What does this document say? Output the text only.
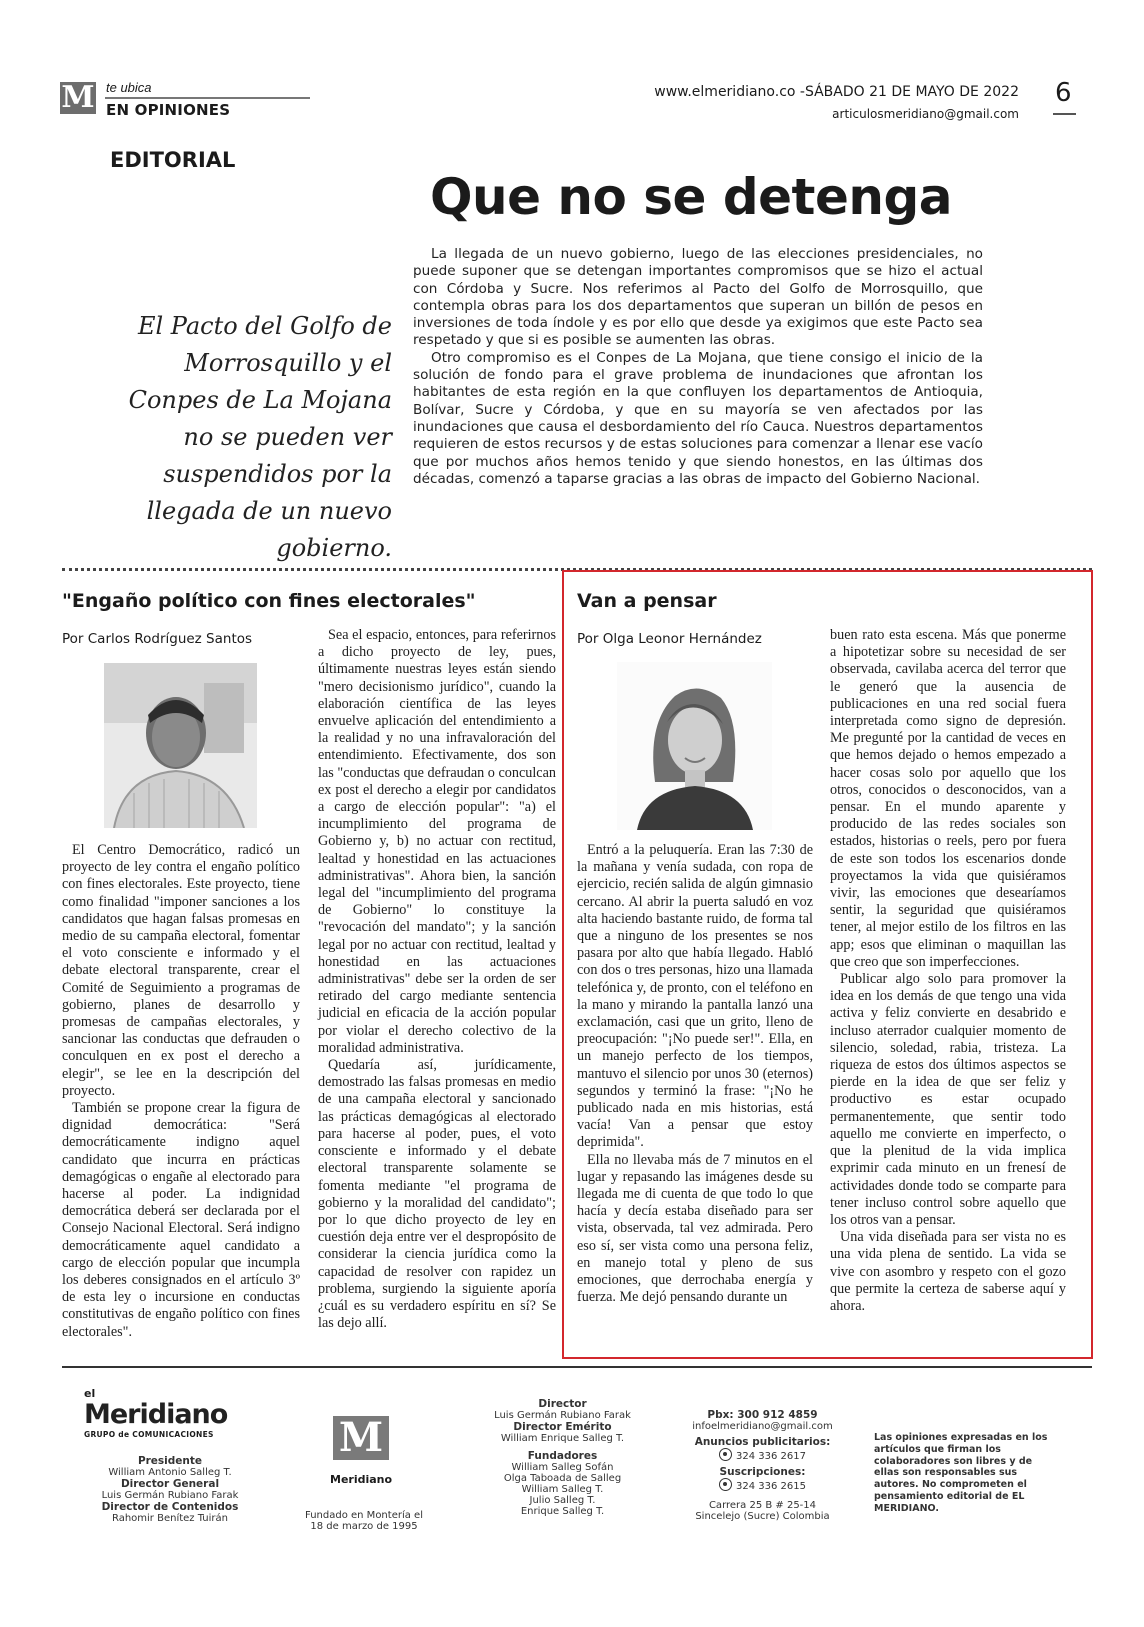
M te ubica
EN OPINIONES
www.elmeridiano.co -SÁBADO 21 DE MAYO DE 2022
articulosmeridiano@gmail.com
6
EDITORIAL
Que no se detenga
El Pacto del Golfo de Morrosquillo y el Conpes de La Mojana no se pueden ver suspendidos por la llegada de un nuevo gobierno.

La llegada de un nuevo gobierno, luego de las elecciones presidenciales, no puede suponer que se detengan importantes compromisos que se hizo el actual con Córdoba y Sucre. Nos referimos al Pacto del Golfo de Morrosquillo, que contempla obras para los dos departamentos que superan un billón de pesos en inversiones de toda índole y es por ello que desde ya exigimos que este Pacto sea respetado y que si es posible se aumenten las obras.

Otro compromiso es el Conpes de La Mojana, que tiene consigo el inicio de la solución de fondo para el grave problema de inundaciones que afrontan los habitantes de esta región en la que confluyen los departamentos de Antioquia, Bolívar, Sucre y Córdoba, y que en su mayoría se ven afectados por las inundaciones que causa el desbordamiento del río Cauca. Nuestros departamentos requieren de estos recursos y de estas soluciones para comenzar a llenar ese vacío que por muchos años hemos tenido y que siendo honestos, en las últimas dos décadas, comenzó a taparse gracias a las obras de impacto del Gobierno Nacional.

"Engaño político con fines electorales"
Por Carlos Rodríguez Santos

El Centro Democrático, radicó un proyecto de ley contra el engaño político con fines electorales. Este proyecto, tiene como finalidad "imponer sanciones a los candidatos que hagan falsas promesas en medio de su campaña electoral, fomentar el voto consciente e informado y el debate electoral transparente, crear el Comité de Seguimiento a programas de gobierno, planes de desarrollo y promesas de campañas electorales, y sancionar las conductas que defrauden o conculquen en ex post el derecho a elegir", se lee en la descripción del proyecto.

También se propone crear la figura de dignidad democrática: "Será democráticamente indigno aquel candidato que incurra en prácticas demagógicas o engañe al electorado para hacerse al poder. La indignidad democrática deberá ser declarada por el Consejo Nacional Electoral. Será indigno democráticamente aquel candidato a cargo de elección popular que incumpla los deberes consignados en el artículo 3º de esta ley o incursione en conductas constitutivas de engaño político con fines electorales".

Sea el espacio, entonces, para referirnos a dicho proyecto de ley, pues, últimamente nuestras leyes están siendo "mero decisionismo jurídico", cuando la elaboración científica de las leyes envuelve aplicación del entendimiento a la realidad y no una infravaloración del entendimiento. Efectivamente, dos son las "conductas que defraudan o conculcan ex post el derecho a elegir por candidatos a cargo de elección popular": "a) el incumplimiento del programa de Gobierno y, b) no actuar con rectitud, lealtad y honestidad en las actuaciones administrativas". Ahora bien, la sanción legal del "incumplimiento del programa de Gobierno" lo constituye la "revocación del mandato"; y la sanción legal por no actuar con rectitud, lealtad y honestidad en las actuaciones administrativas" debe ser la orden de ser retirado del cargo mediante sentencia judicial en eficacia de la acción popular por violar el derecho colectivo de la moralidad administrativa.

Quedaría así, jurídicamente, demostrado las falsas promesas en medio de una campaña electoral y sancionado las prácticas demagógicas al electorado para hacerse al poder, pues, el voto consciente e informado y el debate electoral transparente solamente se fomenta mediante "el programa de gobierno y la moralidad del candidato"; por lo que dicho proyecto de ley en cuestión deja entre ver el despropósito de considerar la ciencia jurídica como la capacidad de resolver con rapidez un problema, surgiendo la siguiente aporía ¿cuál es su verdadero espíritu en sí? Se las dejo allí.

Van a pensar
Por Olga Leonor Hernández

Entró a la peluquería. Eran las 7:30 de la mañana y venía sudada, con ropa de ejercicio, recién salida de algún gimnasio cercano. Al abrir la puerta saludó en voz alta haciendo bastante ruido, de forma tal que a ninguno de los presentes se nos pasara por alto que había llegado. Habló con dos o tres personas, hizo una llamada telefónica y, de pronto, con el teléfono en la mano y mirando la pantalla lanzó una exclamación, casi que un grito, lleno de preocupación: "¡No puede ser!". Ella, en un manejo perfecto de los tiempos, mantuvo el silencio por unos 30 (eternos) segundos y terminó la frase: "¡No he publicado nada en mis historias, está vacía! Van a pensar que estoy deprimida".

Ella no llevaba más de 7 minutos en el lugar y repasando las imágenes desde su llegada me di cuenta de que todo lo que hacía y decía estaba diseñado para ser vista, observada, tal vez admirada. Pero eso sí, ser vista como una persona feliz, en manejo total y pleno de sus emociones, que derrochaba energía y fuerza. Me dejó pensando durante un

buen rato esta escena. Más que ponerme a hipotetizar sobre su necesidad de ser observada, cavilaba acerca del terror que le generó que la ausencia de publicaciones en una red social fuera interpretada como signo de depresión. Me pregunté por la cantidad de veces en que hemos dejado o hemos empezado a hacer cosas solo por aquello que los otros, conocidos o desconocidos, van a pensar. En el mundo aparente y producido de las redes sociales son estados, historias o reels, pero por fuera de este son todos los escenarios donde proyectamos la vida que quisiéramos vivir, las emociones que desearíamos sentir, la seguridad que quisiéramos tener, al mejor estilo de los filtros en las app; esos que eliminan o maquillan las que creo que son imperfecciones.

Publicar algo solo para promover la idea en los demás de que tengo una vida activa y feliz convierte en desabrido e incluso aterrador cualquier momento de silencio, soledad, rabia, tristeza. La riqueza de estos dos últimos aspectos se pierde en la idea de que ser feliz y productivo es estar ocupado permanentemente, que sentir todo aquello me convierte en imperfecto, o que la plenitud de la vida implica exprimir cada minuto en un frenesí de actividades donde todo se comparte para tener incluso control sobre aquello que los otros van a pensar.

Una vida diseñada para ser vista no es una vida plena de sentido. La vida se vive con asombro y respeto con el gozo que permite la certeza de saberse aquí y ahora.

el
Meridiano
GRUPO de COMUNICACIONES
Presidente
William Antonio Salleg T.
Director General
Luis Germán Rubiano Farak
Director de Contenidos
Rahomir Benítez Tuirán
M
Meridiano
Fundado en Montería el 18 de marzo de 1995
Director
Luis Germán Rubiano Farak
Director Emérito
William Enrique Salleg T.
Fundadores
William Salleg Sofán
Olga Taboada de Salleg
William Salleg T.
Julio Salleg T.
Enrique Salleg T.
Pbx: 300 912 4859
infoelmeridiano@gmail.com
Anuncios publicitarios:
324 336 2617
Suscripciones:
324 336 2615
Carrera 25 B # 25-14
Sincelejo (Sucre) Colombia
Las opiniones expresadas en los artículos que firman los colaboradores son libres y de ellas son responsables sus autores. No comprometen el pensamiento editorial de EL MERIDIANO.
